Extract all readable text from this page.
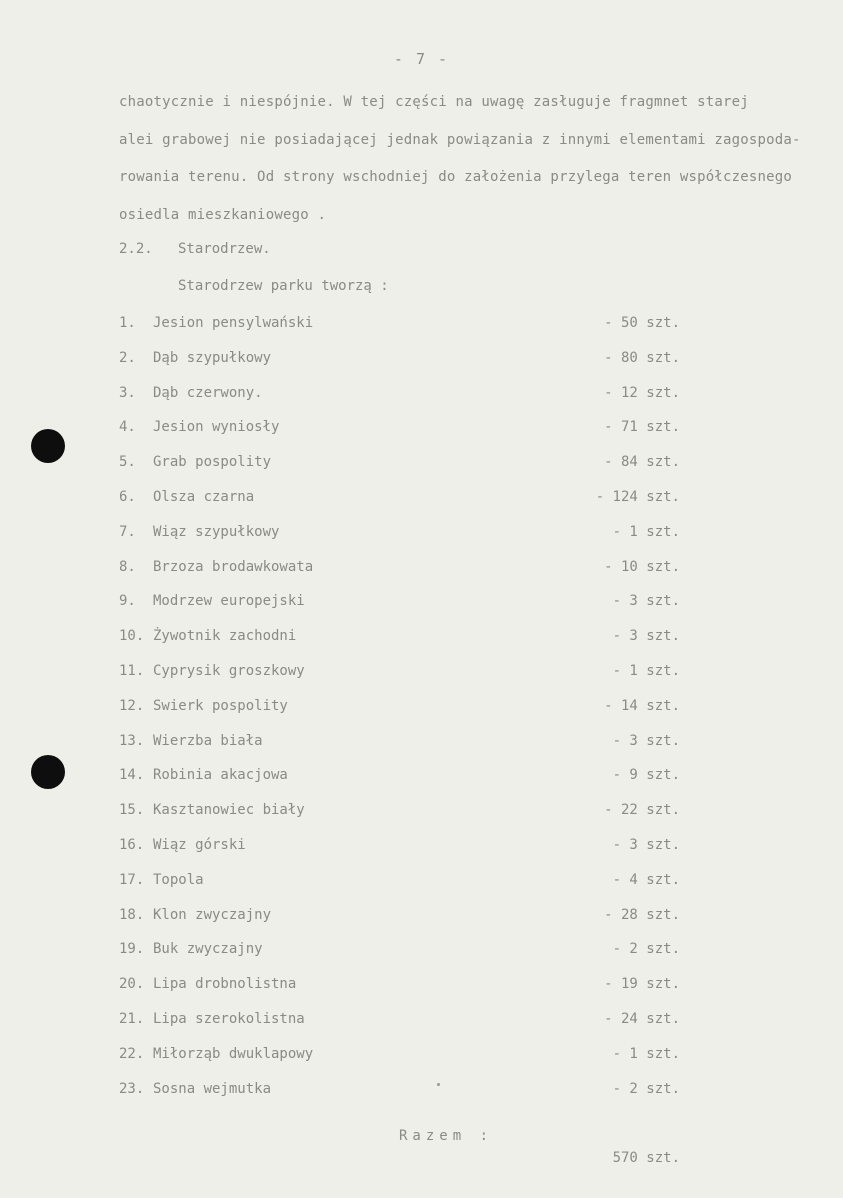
- 7 -
chaotycznie i niespójnie. W tej części na uwagę zasługuje fragmnet starej
alei grabowej nie posiadającej jednak powiązania z innymi elementami zagospoda-
rowania terenu. Od strony wschodniej do założenia przylega teren współczesnego
osiedla mieszkaniowego .
2.2. Starodrzew.
Starodrzew parku tworzą :
1. Jesion pensylwański	- 50 szt.
2. Dąb szypułkowy	- 80 szt.
3. Dąb czerwony.	- 12 szt.
4. Jesion wyniosły	- 71 szt.
5. Grab pospolity	- 84 szt.
6. Olsza czarna	- 124 szt.
7. Wiąz szypułkowy	- 1 szt.
8. Brzoza brodawkowata	- 10 szt.
9. Modrzew europejski	- 3 szt.
10. Żywotnik zachodni	- 3 szt.
11. Cyprysik groszkowy	- 1 szt.
12. Swierk pospolity	- 14 szt.
13. Wierzba biała	- 3 szt.
14. Robinia akacjowa	- 9 szt.
15. Kasztanowiec biały	- 22 szt.
16. Wiąz górski	- 3 szt.
17. Topola	- 4 szt.
18. Klon zwyczajny	- 28 szt.
19. Buk zwyczajny	- 2 szt.
20. Lipa drobnolistna	- 19 szt.
21. Lipa szerokolistna	- 24 szt.
22. Miłorząb dwuklapowy	- 1 szt.
23. Sosna wejmutka	- 2 szt.

Razem :

570 szt.
